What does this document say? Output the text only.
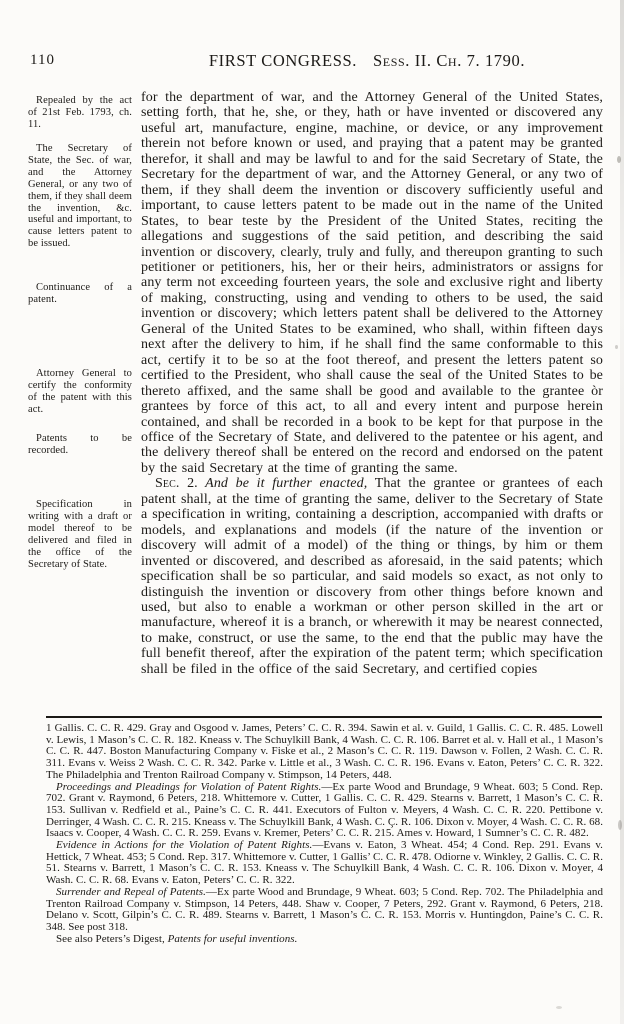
110	FIRST CONGRESS. Sess. II. Ch. 7. 1790.
Repealed by the act of 21st Feb. 1793, ch. 11.
The Secretary of State, the Sec. of war, and the Attorney General, or any two of them, if they shall deem the invention, &c. useful and important, to cause letters patent to be issued.
Continuance of a patent.
Attorney General to certify the conformity of the patent with this act.
Patents to be recorded.
Specification in writing with a draft or model thereof to be delivered and filed in the office of the Secretary of State.

for the department of war, and the Attorney General of the United States, setting forth, that he, she, or they, hath or have invented or discovered any useful art, manufacture, engine, machine, or device, or any improvement therein not before known or used, and praying that a patent may be granted therefor, it shall and may be lawful to and for the said Secretary of State, the Secretary for the department of war, and the Attorney General, or any two of them, if they shall deem the invention or discovery sufficiently useful and important, to cause letters patent to be made out in the name of the United States, to bear teste by the President of the United States, reciting the allegations and suggestions of the said petition, and describing the said invention or discovery, clearly, truly and fully, and thereupon granting to such petitioner or petitioners, his, her or their heirs, administrators or assigns for any term not exceeding fourteen years, the sole and exclusive right and liberty of making, constructing, using and vending to others to be used, the said invention or discovery; which letters patent shall be delivered to the Attorney General of the United States to be examined, who shall, within fifteen days next after the delivery to him, if he shall find the same conformable to this act, certify it to be so at the foot thereof, and present the letters patent so certified to the President, who shall cause the seal of the United States to be thereto affixed, and the same shall be good and available to the grantee òr grantees by force of this act, to all and every intent and purpose herein contained, and shall be recorded in a book to be kept for that purpose in the office of the Secretary of State, and delivered to the patentee or his agent, and the delivery thereof shall be entered on the record and endorsed on the patent by the said Secretary at the time of granting the same.

Sec. 2. And be it further enacted, That the grantee or grantees of each patent shall, at the time of granting the same, deliver to the Secretary of State a specification in writing, containing a description, accompanied with drafts or models, and explanations and models (if the nature of the invention or discovery will admit of a model) of the thing or things, by him or them invented or discovered, and described as aforesaid, in the said patents; which specification shall be so particular, and said models so exact, as not only to distinguish the invention or discovery from other things before known and used, but also to enable a workman or other person skilled in the art or manufacture, whereof it is a branch, or wherewith it may be nearest connected, to make, construct, or use the same, to the end that the public may have the full benefit thereof, after the expiration of the patent term; which specification shall be filed in the office of the said Secretary, and certified copies

1 Gallis. C. C. R. 429. Gray and Osgood v. James, Peters’ C. C. R. 394. Sawin et al. v. Guild, 1 Gallis. C. C. R. 485. Lowell v. Lewis, 1 Mason’s C. C. R. 182. Kneass v. The Schuylkill Bank, 4 Wash. C. C. R. 106. Barret et al. v. Hall et al., 1 Mason’s C. C. R. 447. Boston Manufacturing Company v. Fiske et al., 2 Mason’s C. C. R. 119. Dawson v. Follen, 2 Wash. C. C. R. 311. Evans v. Weiss 2 Wash. C. C. R. 342. Parke v. Little et al., 3 Wash. C. C. R. 196. Evans v. Eaton, Peters’ C. C. R. 322. The Philadelphia and Trenton Railroad Company v. Stimpson, 14 Peters, 448.

Proceedings and Pleadings for Violation of Patent Rights.—Ex parte Wood and Brundage, 9 Wheat. 603; 5 Cond. Rep. 702. Grant v. Raymond, 6 Peters, 218. Whittemore v. Cutter, 1 Gallis. C. C. R. 429. Stearns v. Barrett, 1 Mason’s C. C. R. 153. Sullivan v. Redfield et al., Paine’s C. C. R. 441. Executors of Fulton v. Meyers, 4 Wash. C. C. R. 220. Pettibone v. Derringer, 4 Wash. C. C. R. 215. Kneass v. The Schuylkill Bank, 4 Wash. C. Ç. R. 106. Dixon v. Moyer, 4 Wash. C. C. R. 68. Isaacs v. Cooper, 4 Wash. C. C. R. 259. Evans v. Kremer, Peters’ C. C. R. 215. Ames v. Howard, 1 Sumner’s C. C. R. 482.

Evidence in Actions for the Violation of Patent Rights.—Evans v. Eaton, 3 Wheat. 454; 4 Cond. Rep. 291. Evans v. Hettick, 7 Wheat. 453; 5 Cond. Rep. 317. Whittemore v. Cutter, 1 Gallis’ C. C. R. 478. Odiorne v. Winkley, 2 Gallis. C. C. R. 51. Stearns v. Barrett, 1 Mason’s C. C. R. 153. Kneass v. The Schuylkill Bank, 4 Wash. C. C. R. 106. Dixon v. Moyer, 4 Wash. C. C. R. 68. Evans v. Eaton, Peters’ C. C. R. 322.

Surrender and Repeal of Patents.—Ex parte Wood and Brundage, 9 Wheat. 603; 5 Cond. Rep. 702. The Philadelphia and Trenton Railroad Company v. Stimpson, 14 Peters, 448. Shaw v. Cooper, 7 Peters, 292. Grant v. Raymond, 6 Peters, 218. Delano v. Scott, Gilpin’s C. C. R. 489. Stearns v. Barrett, 1 Mason’s C. C. R. 153. Morris v. Huntingdon, Paine’s C. C. R. 348. See post 318.

See also Peters’s Digest, Patents for useful inventions.
